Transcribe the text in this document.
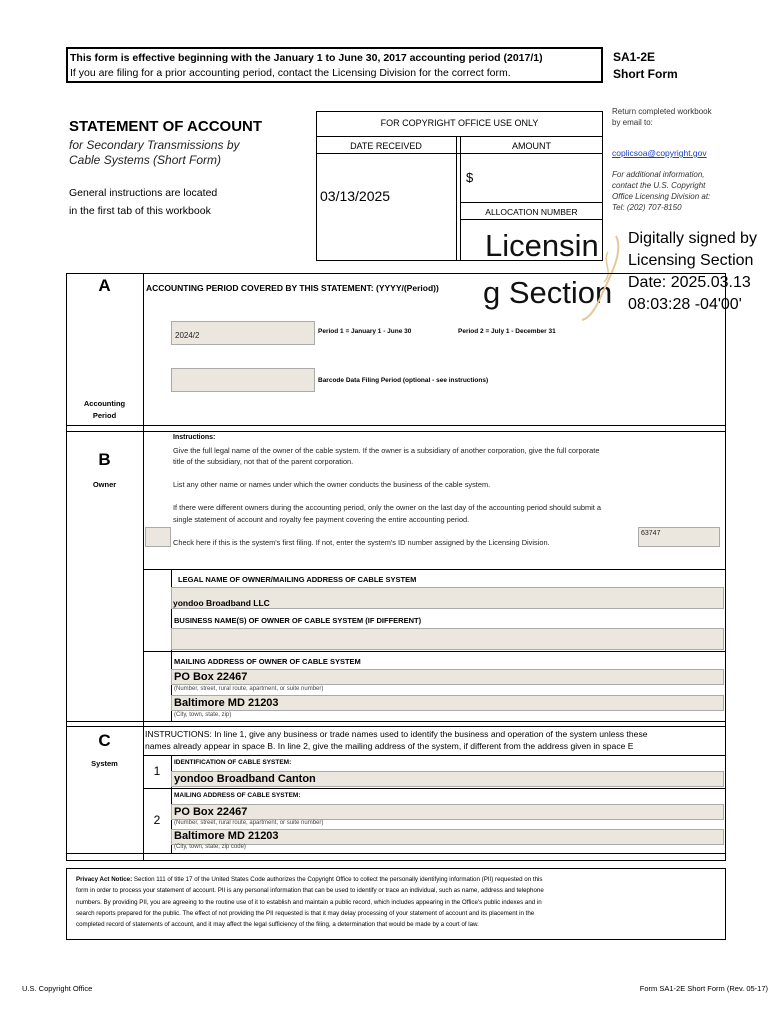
This form is effective beginning with the January 1 to June 30, 2017 accounting period (2017/1)
If you are filing for a prior accounting period, contact the Licensing Division for the correct form.
SA1-2E
Short Form
STATEMENT OF ACCOUNT
for Secondary Transmissions by
Cable Systems (Short Form)
General instructions are located
in the first tab of this workbook
FOR COPYRIGHT OFFICE USE ONLY
DATE RECEIVED	AMOUNT
03/13/2025
$
ALLOCATION NUMBER
Return completed workbook
by email to:
coplicsoa@copyright.gov
For additional information,
contact the U.S. Copyright
Office Licensing Division at:
Tel: (202) 707-8150
Licensin
g Section
Digitally signed by
Licensing Section
Date: 2025.03.13
08:03:28 -04'00'
A
Accounting
Period
ACCOUNTING PERIOD COVERED BY THIS STATEMENT: (YYYY/(Period))
2024/2	Period 1 = January 1 - June 30	Period 2 = July 1 - December 31
Barcode Data Filing Period (optional - see instructions)
B
Owner
Instructions:
Give the full legal name of the owner of the cable system. If the owner is a subsidiary of another corporation, give the full corporate
title of the subsidiary, not that of the parent corporation.
List any other name or names under which the owner conducts the business of the cable system.
If there were different owners during the accounting period, only the owner on the last day of the accounting period should submit a
single statement of account and royalty fee payment covering the entire accounting period.
Check here if this is the system's first filing. If not, enter the system's ID number assigned by the Licensing Division.
63747
LEGAL NAME OF OWNER/MAILING ADDRESS OF CABLE SYSTEM
yondoo Broadband LLC
BUSINESS NAME(S) OF OWNER OF CABLE SYSTEM (IF DIFFERENT)
MAILING ADDRESS OF OWNER OF CABLE SYSTEM
PO Box 22467
(Number, street, rural route, apartment, or suite number)
Baltimore MD 21203
(City, town, state, zip)
C
System
INSTRUCTIONS: In line 1, give any business or trade names used to identify the business and operation of the system unless these
names already appear in space B. In line 2, give the mailing address of the system, if different from the address given in space E
1
IDENTIFICATION OF CABLE SYSTEM:
yondoo Broadband Canton
2
MAILING ADDRESS OF CABLE SYSTEM:
PO Box 22467
(Number, street, rural route, apartment, or suite number)
Baltimore MD 21203
(City, town, state, zip code)
Privacy Act Notice: Section 111 of title 17 of the United States Code authorizes the Copyright Office to collect the personally identifying information (PII) requested on this
form in order to process your statement of account. PII is any personal information that can be used to identify or trace an individual, such as name, address and telephone
numbers. By providing PII, you are agreeing to the routine use of it to establish and maintain a public record, which includes appearing in the Office's public indexes and in
search reports prepared for the public. The effect of not providing the PII requested is that it may delay processing of your statement of account and its placement in the
completed record of statements of account, and it may affect the legal sufficiency of the filing, a determination that would be made by a court of law.
U.S. Copyright Office	Form SA1-2E Short Form (Rev. 05-17)
